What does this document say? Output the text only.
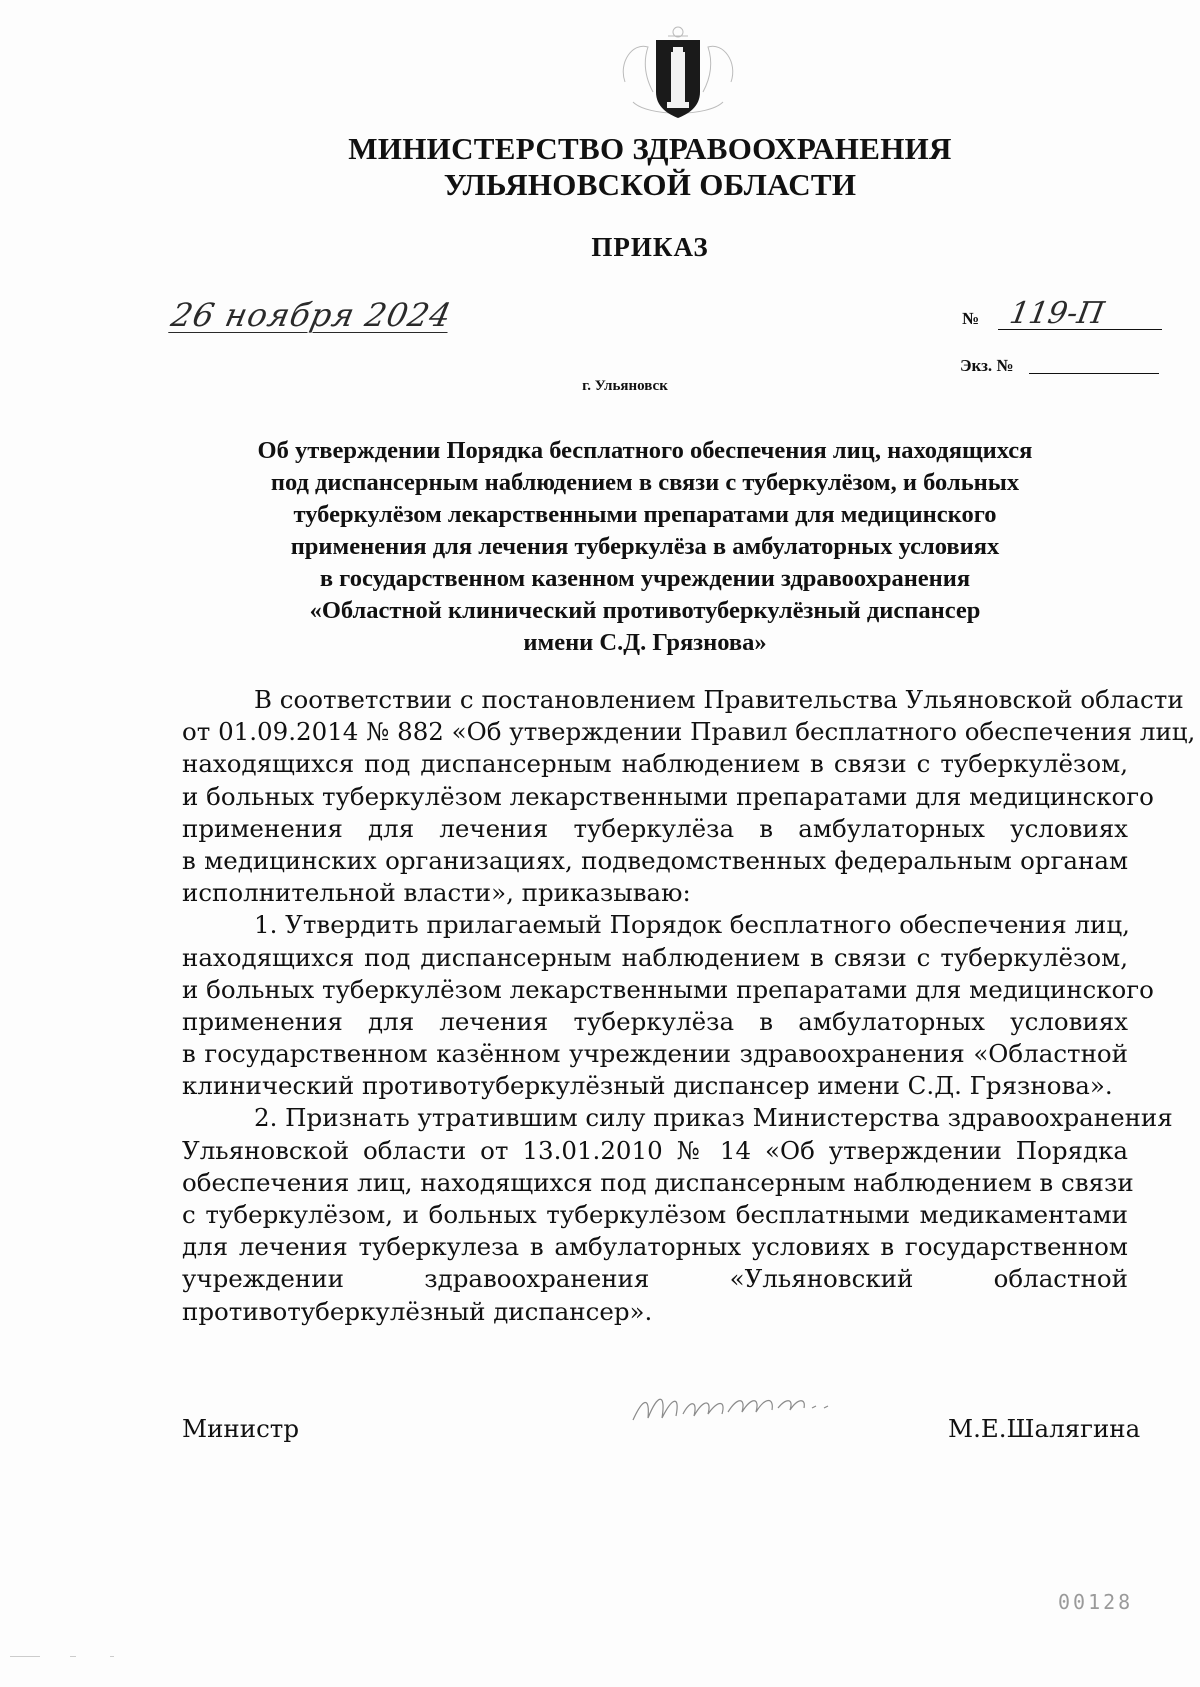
МИНИСТЕРСТВО ЗДРАВООХРАНЕНИЯ
УЛЬЯНОВСКОЙ ОБЛАСТИ
ПРИКАЗ
26 ноября 2024	№ 119-П
Экз. №
г. Ульяновск
Об утверждении Порядка бесплатного обеспечения лиц, находящихся
под диспансерным наблюдением в связи с туберкулёзом, и больных
туберкулёзом лекарственными препаратами для медицинского
применения для лечения туберкулёза в амбулаторных условиях
в государственном казенном учреждении здравоохранения
«Областной клинический противотуберкулёзный диспансер
имени С.Д. Грязнова»
В соответствии с постановлением Правительства Ульяновской области
от 01.09.2014 № 882 «Об утверждении Правил бесплатного обеспечения лиц,
находящихся под диспансерным наблюдением в связи с туберкулёзом,
и больных туберкулёзом лекарственными препаратами для медицинского
применения для лечения туберкулёза в амбулаторных условиях
в медицинских организациях, подведомственных федеральным органам
исполнительной власти», приказываю:
1. Утвердить прилагаемый Порядок бесплатного обеспечения лиц,
находящихся под диспансерным наблюдением в связи с туберкулёзом,
и больных туберкулёзом лекарственными препаратами для медицинского
применения для лечения туберкулёза в амбулаторных условиях
в государственном казённом учреждении здравоохранения «Областной
клинический противотуберкулёзный диспансер имени С.Д. Грязнова».
2. Признать утратившим силу приказ Министерства здравоохранения
Ульяновской области от 13.01.2010 № 14 «Об утверждении Порядка
обеспечения лиц, находящихся под диспансерным наблюдением в связи
с туберкулёзом, и больных туберкулёзом бесплатными медикаментами
для лечения туберкулеза в амбулаторных условиях в государственном
учреждении здравоохранения «Ульяновский областной
противотуберкулёзный диспансер».
Министр	М.Е.Шалягина
00128
